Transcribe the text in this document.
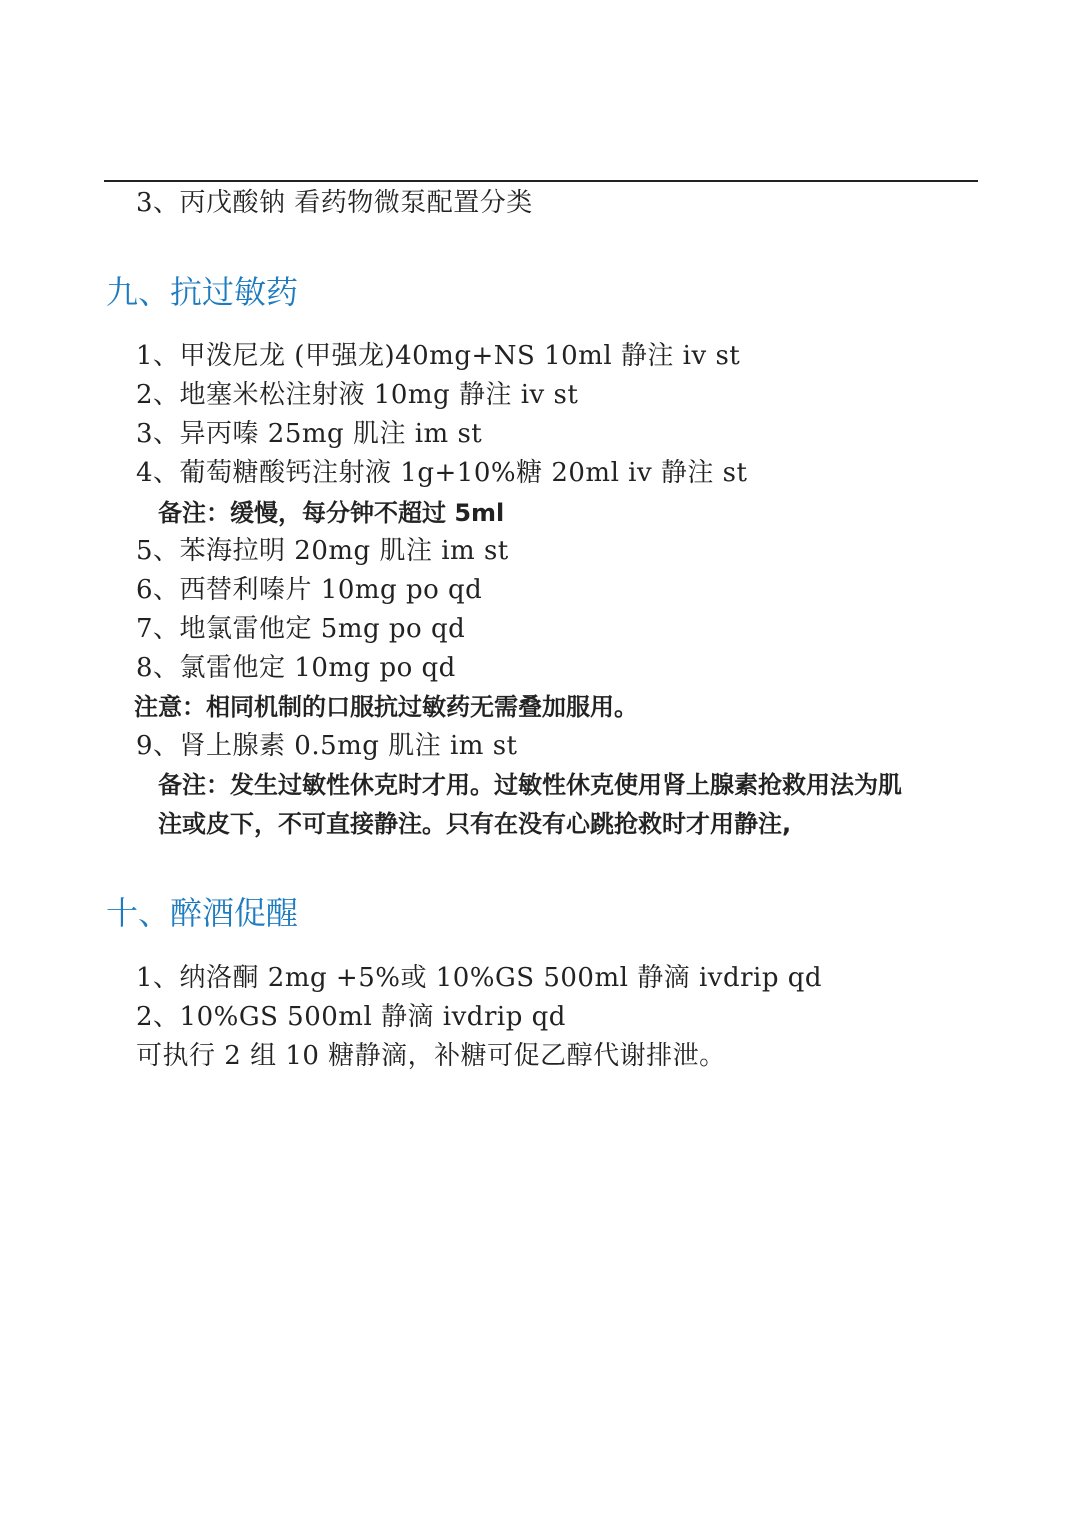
3、丙戊酸钠 看药物微泵配置分类
九、抗过敏药
1、甲泼尼龙 (甲强龙)40mg+NS 10ml 静注 iv st
2、地塞米松注射液 10mg 静注 iv st
3、异丙嗪 25mg 肌注 im st
4、葡萄糖酸钙注射液 1g+10%糖 20ml iv 静注 st
备注：缓慢，每分钟不超过 5ml
5、苯海拉明 20mg 肌注 im st
6、西替利嗪片 10mg po qd
7、地氯雷他定 5mg po qd
8、氯雷他定 10mg po qd
注意：相同机制的口服抗过敏药无需叠加服用。
9、肾上腺素 0.5mg 肌注 im st
备注：发生过敏性休克时才用。过敏性休克使用肾上腺素抢救用法为肌
注或皮下，不可直接静注。只有在没有心跳抢救时才用静注,
十、醉酒促醒
1、纳洛酮 2mg +5%或 10%GS 500ml 静滴 ivdrip qd
2、10%GS 500ml 静滴 ivdrip qd
可执行 2 组 10 糖静滴，补糖可促乙醇代谢排泄。
